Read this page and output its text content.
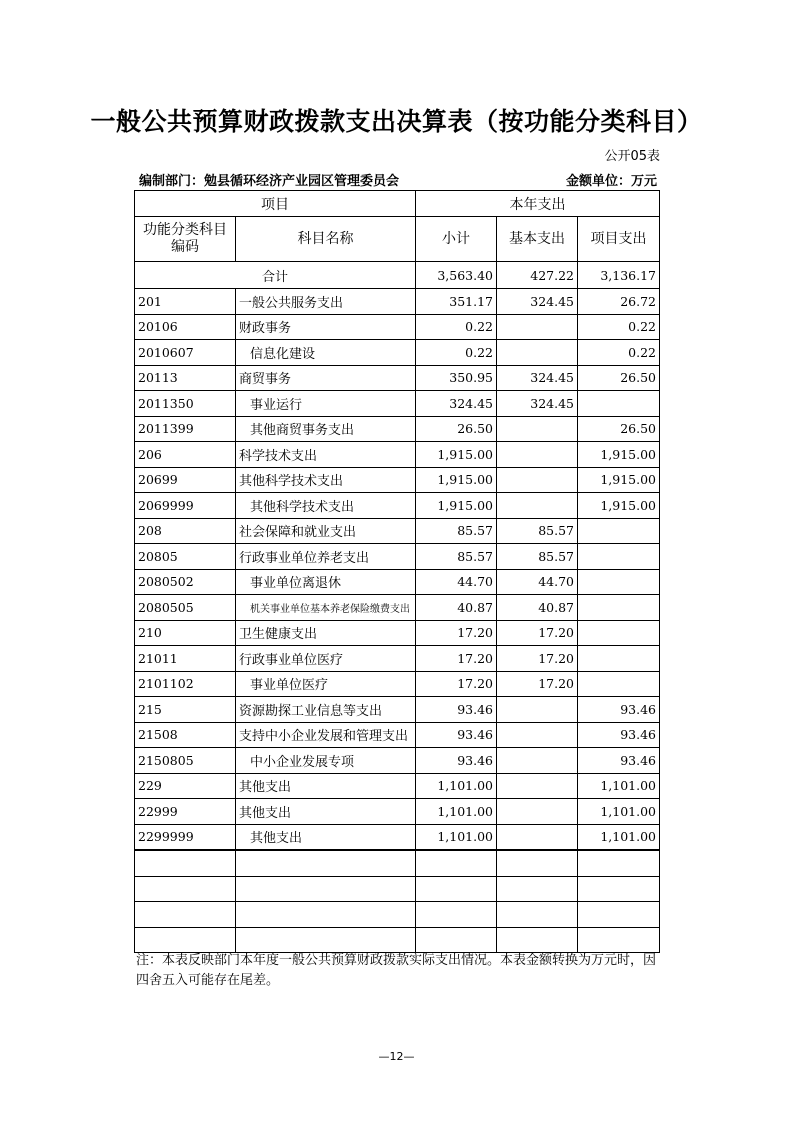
一般公共预算财政拨款支出决算表（按功能分类科目）
公开05表
编制部门：勉县循环经济产业园区管理委员会	金额单位：万元
项目		本年支出		
功能分类科目编码	科目名称	小计	基本支出	项目支出
合计		3,563.40	427.22	3,136.17
201	一般公共服务支出	351.17	324.45	26.72
20106	财政事务	0.22		0.22
2010607	信息化建设	0.22		0.22
20113	商贸事务	350.95	324.45	26.50
2011350	事业运行	324.45	324.45	
2011399	其他商贸事务支出	26.50		26.50
206	科学技术支出	1,915.00		1,915.00
20699	其他科学技术支出	1,915.00		1,915.00
2069999	其他科学技术支出	1,915.00		1,915.00
208	社会保障和就业支出	85.57	85.57	
20805	行政事业单位养老支出	85.57	85.57	
2080502	事业单位离退休	44.70	44.70	
2080505	机关事业单位基本养老保险缴费支出	40.87	40.87	
210	卫生健康支出	17.20	17.20	
21011	行政事业单位医疗	17.20	17.20	
2101102	事业单位医疗	17.20	17.20	
215	资源勘探工业信息等支出	93.46		93.46
21508	支持中小企业发展和管理支出	93.46		93.46
2150805	中小企业发展专项	93.46		93.46
229	其他支出	1,101.00		1,101.00
22999	其他支出	1,101.00		1,101.00
2299999	其他支出	1,101.00		1,101.00

注：本表反映部门本年度一般公共预算财政拨款实际支出情况。本表金额转换为万元时，因四舍五入可能存在尾差。
—12—
